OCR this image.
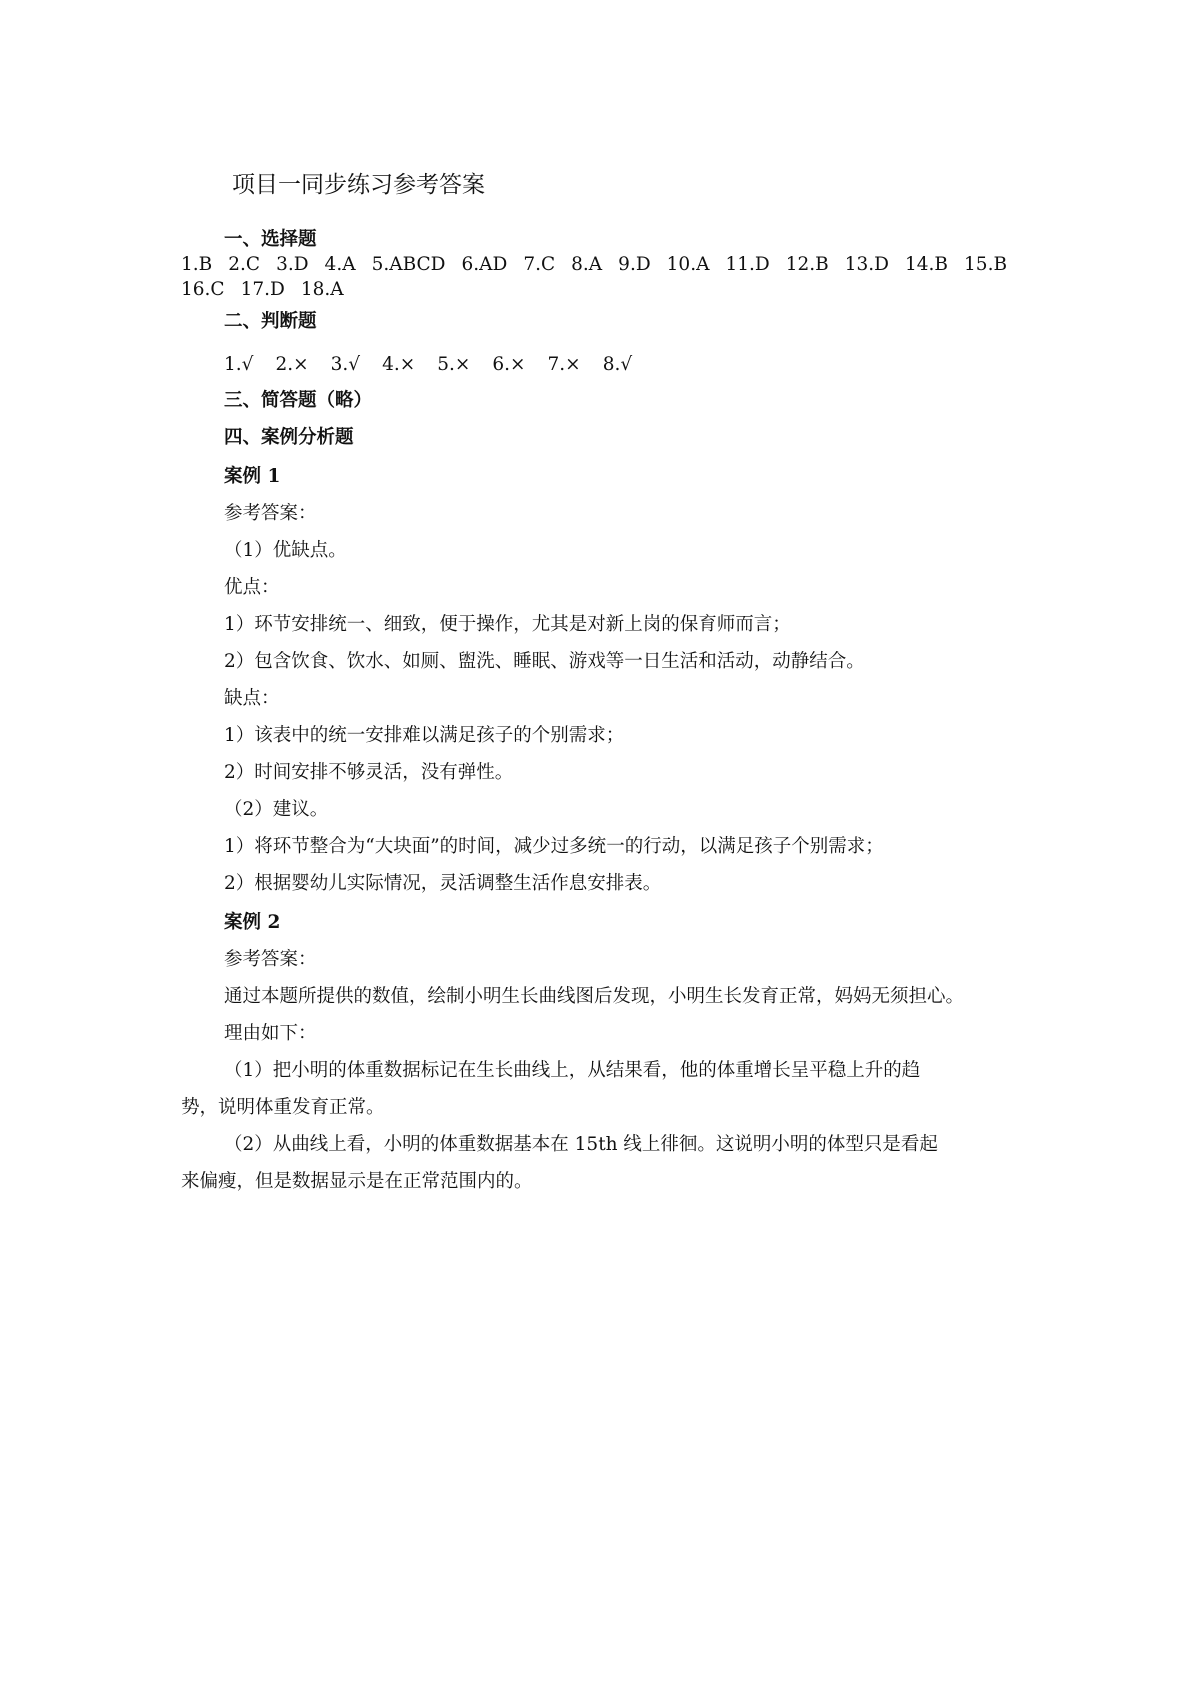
项目一同步练习参考答案
一、选择题
1.B 2.C 3.D 4.A 5.ABCD 6.AD 7.C 8.A 9.D 10.A 11.D 12.B 13.D 14.B 15.B
16.C 17.D 18.A
二、判断题
1.√ 2.× 3.√ 4.× 5.× 6.× 7.× 8.√
三、简答题（略）
四、案例分析题
案例 1
参考答案：
（1）优缺点。
优点：
1）环节安排统一、细致，便于操作，尤其是对新上岗的保育师而言；
2）包含饮食、饮水、如厕、盥洗、睡眠、游戏等一日生活和活动，动静结合。
缺点：
1）该表中的统一安排难以满足孩子的个别需求；
2）时间安排不够灵活，没有弹性。
（2）建议。
1）将环节整合为“大块面”的时间，减少过多统一的行动，以满足孩子个别需求；
2）根据婴幼儿实际情况，灵活调整生活作息安排表。
案例 2
参考答案：
通过本题所提供的数值，绘制小明生长曲线图后发现，小明生长发育正常，妈妈无须担心。
理由如下：
（1）把小明的体重数据标记在生长曲线上，从结果看，他的体重增长呈平稳上升的趋
势，说明体重发育正常。
（2）从曲线上看，小明的体重数据基本在 15th 线上徘徊。这说明小明的体型只是看起
来偏瘦，但是数据显示是在正常范围内的。
